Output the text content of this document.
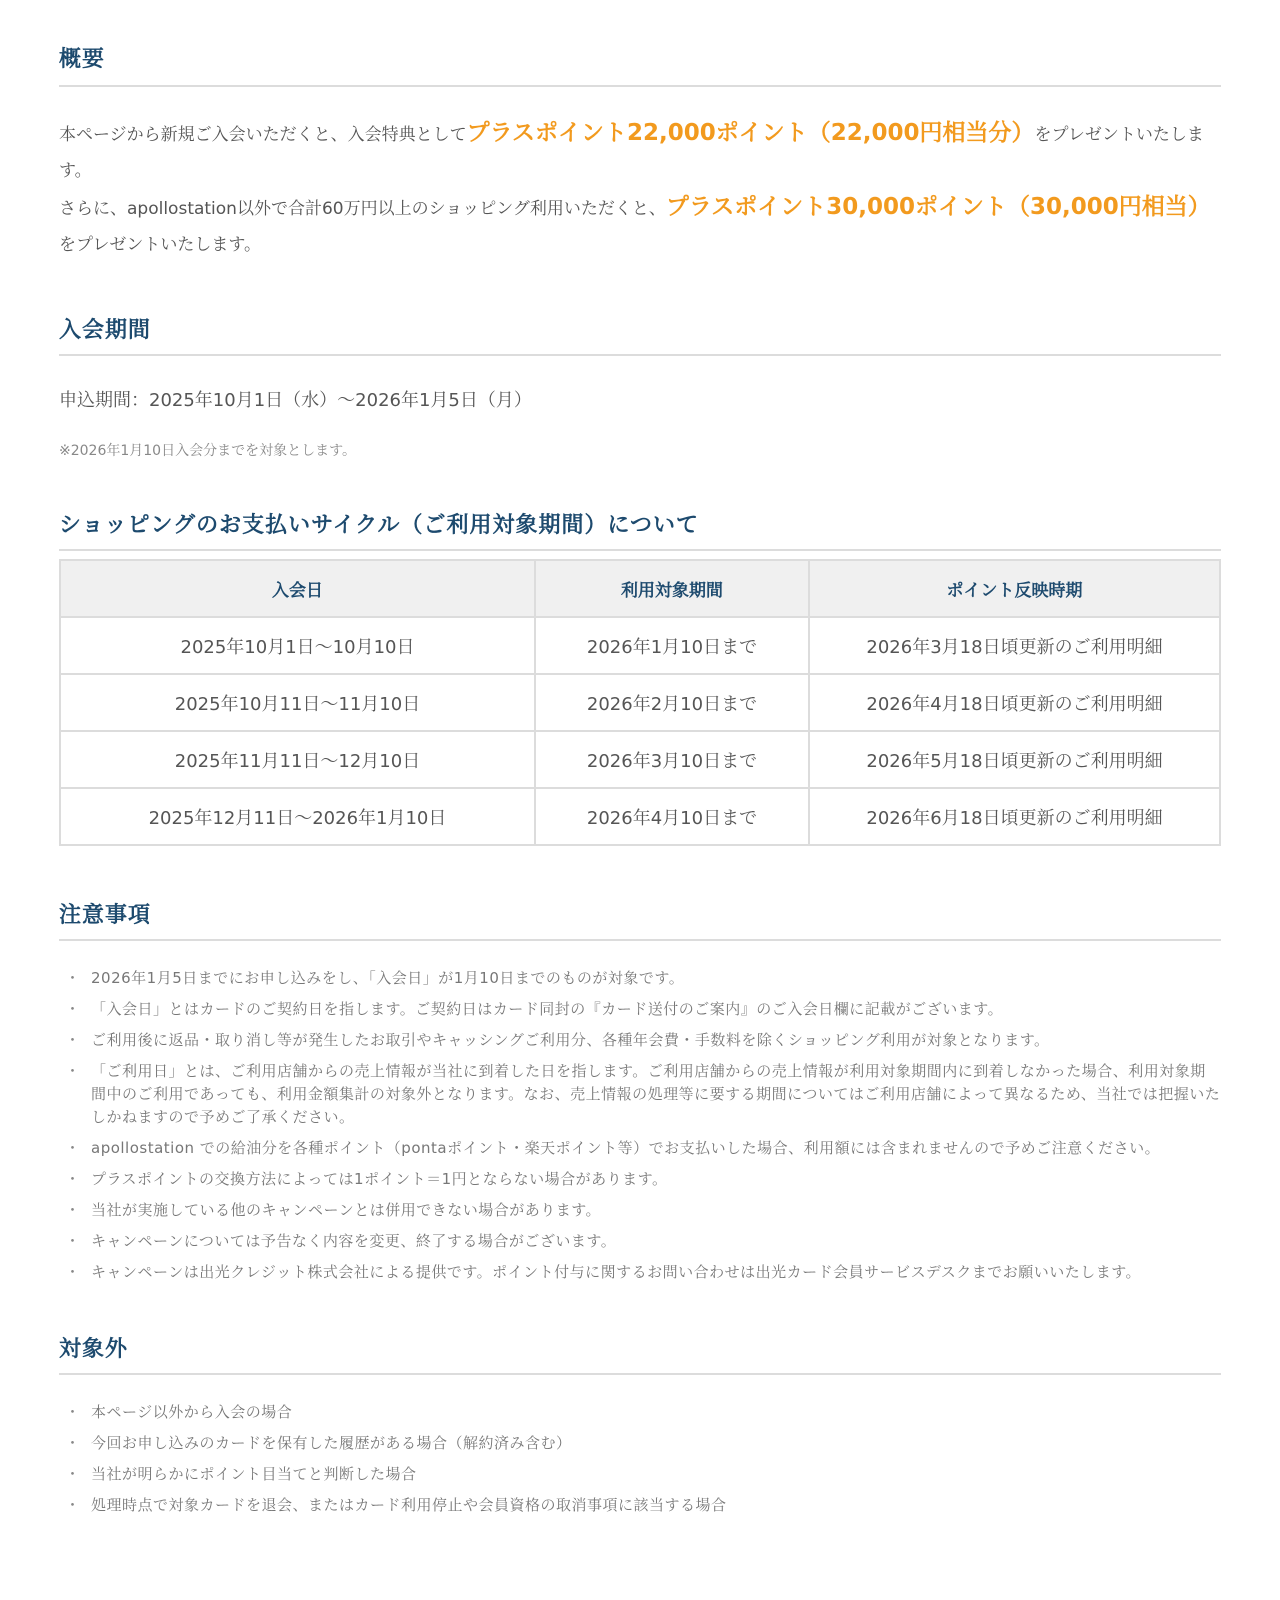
概要

本ページから新規ご入会いただくと、入会特典としてプラスポイント22,000ポイント（22,000円相当分）をプレゼントいたします。
さらに、apollostation以外で合計60万円以上のショッピング利用いただくと、プラスポイント30,000ポイント（30,000円相当）をプレゼントいたします。

入会期間

申込期間：2025年10月1日（水）～2026年1月5日（月）

※2026年1月10日入会分までを対象とします。

ショッピングのお支払いサイクル（ご利用対象期間）について
入会日	利用対象期間	ポイント反映時期
2025年10月1日～10月10日	2026年1月10日まで	2026年3月18日頃更新のご利用明細
2025年10月11日～11月10日	2026年2月10日まで	2026年4月18日頃更新のご利用明細
2025年11月11日～12月10日	2026年3月10日まで	2026年5月18日頃更新のご利用明細
2025年12月11日～2026年1月10日	2026年4月10日まで	2026年6月18日頃更新のご利用明細
注意事項
・ 2026年1月5日までにお申し込みをし、「入会日」が1月10日までのものが対象です。
・ 「入会日」とはカードのご契約日を指します。ご契約日はカード同封の『カード送付のご案内』のご入会日欄に記載がございます。
・ ご利用後に返品・取り消し等が発生したお取引やキャッシングご利用分、各種年会費・手数料を除くショッピング利用が対象となります。
・ 「ご利用日」とは、ご利用店舗からの売上情報が当社に到着した日を指します。ご利用店舗からの売上情報が利用対象期間内に到着しなかった場合、利用対象期間中のご利用であっても、利用金額集計の対象外となります。なお、売上情報の処理等に要する期間についてはご利用店舗によって異なるため、当社では把握いたしかねますので予めご了承ください。
・ apollostation での給油分を各種ポイント（pontaポイント・楽天ポイント等）でお支払いした場合、利用額には含まれませんので予めご注意ください。
・ プラスポイントの交換方法によっては1ポイント＝1円とならない場合があります。
・ 当社が実施している他のキャンペーンとは併用できない場合があります。
・ キャンペーンについては予告なく内容を変更、終了する場合がございます。
・ キャンペーンは出光クレジット株式会社による提供です。ポイント付与に関するお問い合わせは出光カード会員サービスデスクまでお願いいたします。
対象外
・ 本ページ以外から入会の場合
・ 今回お申し込みのカードを保有した履歴がある場合（解約済み含む）
・ 当社が明らかにポイント目当てと判断した場合
・ 処理時点で対象カードを退会、またはカード利用停止や会員資格の取消事項に該当する場合
